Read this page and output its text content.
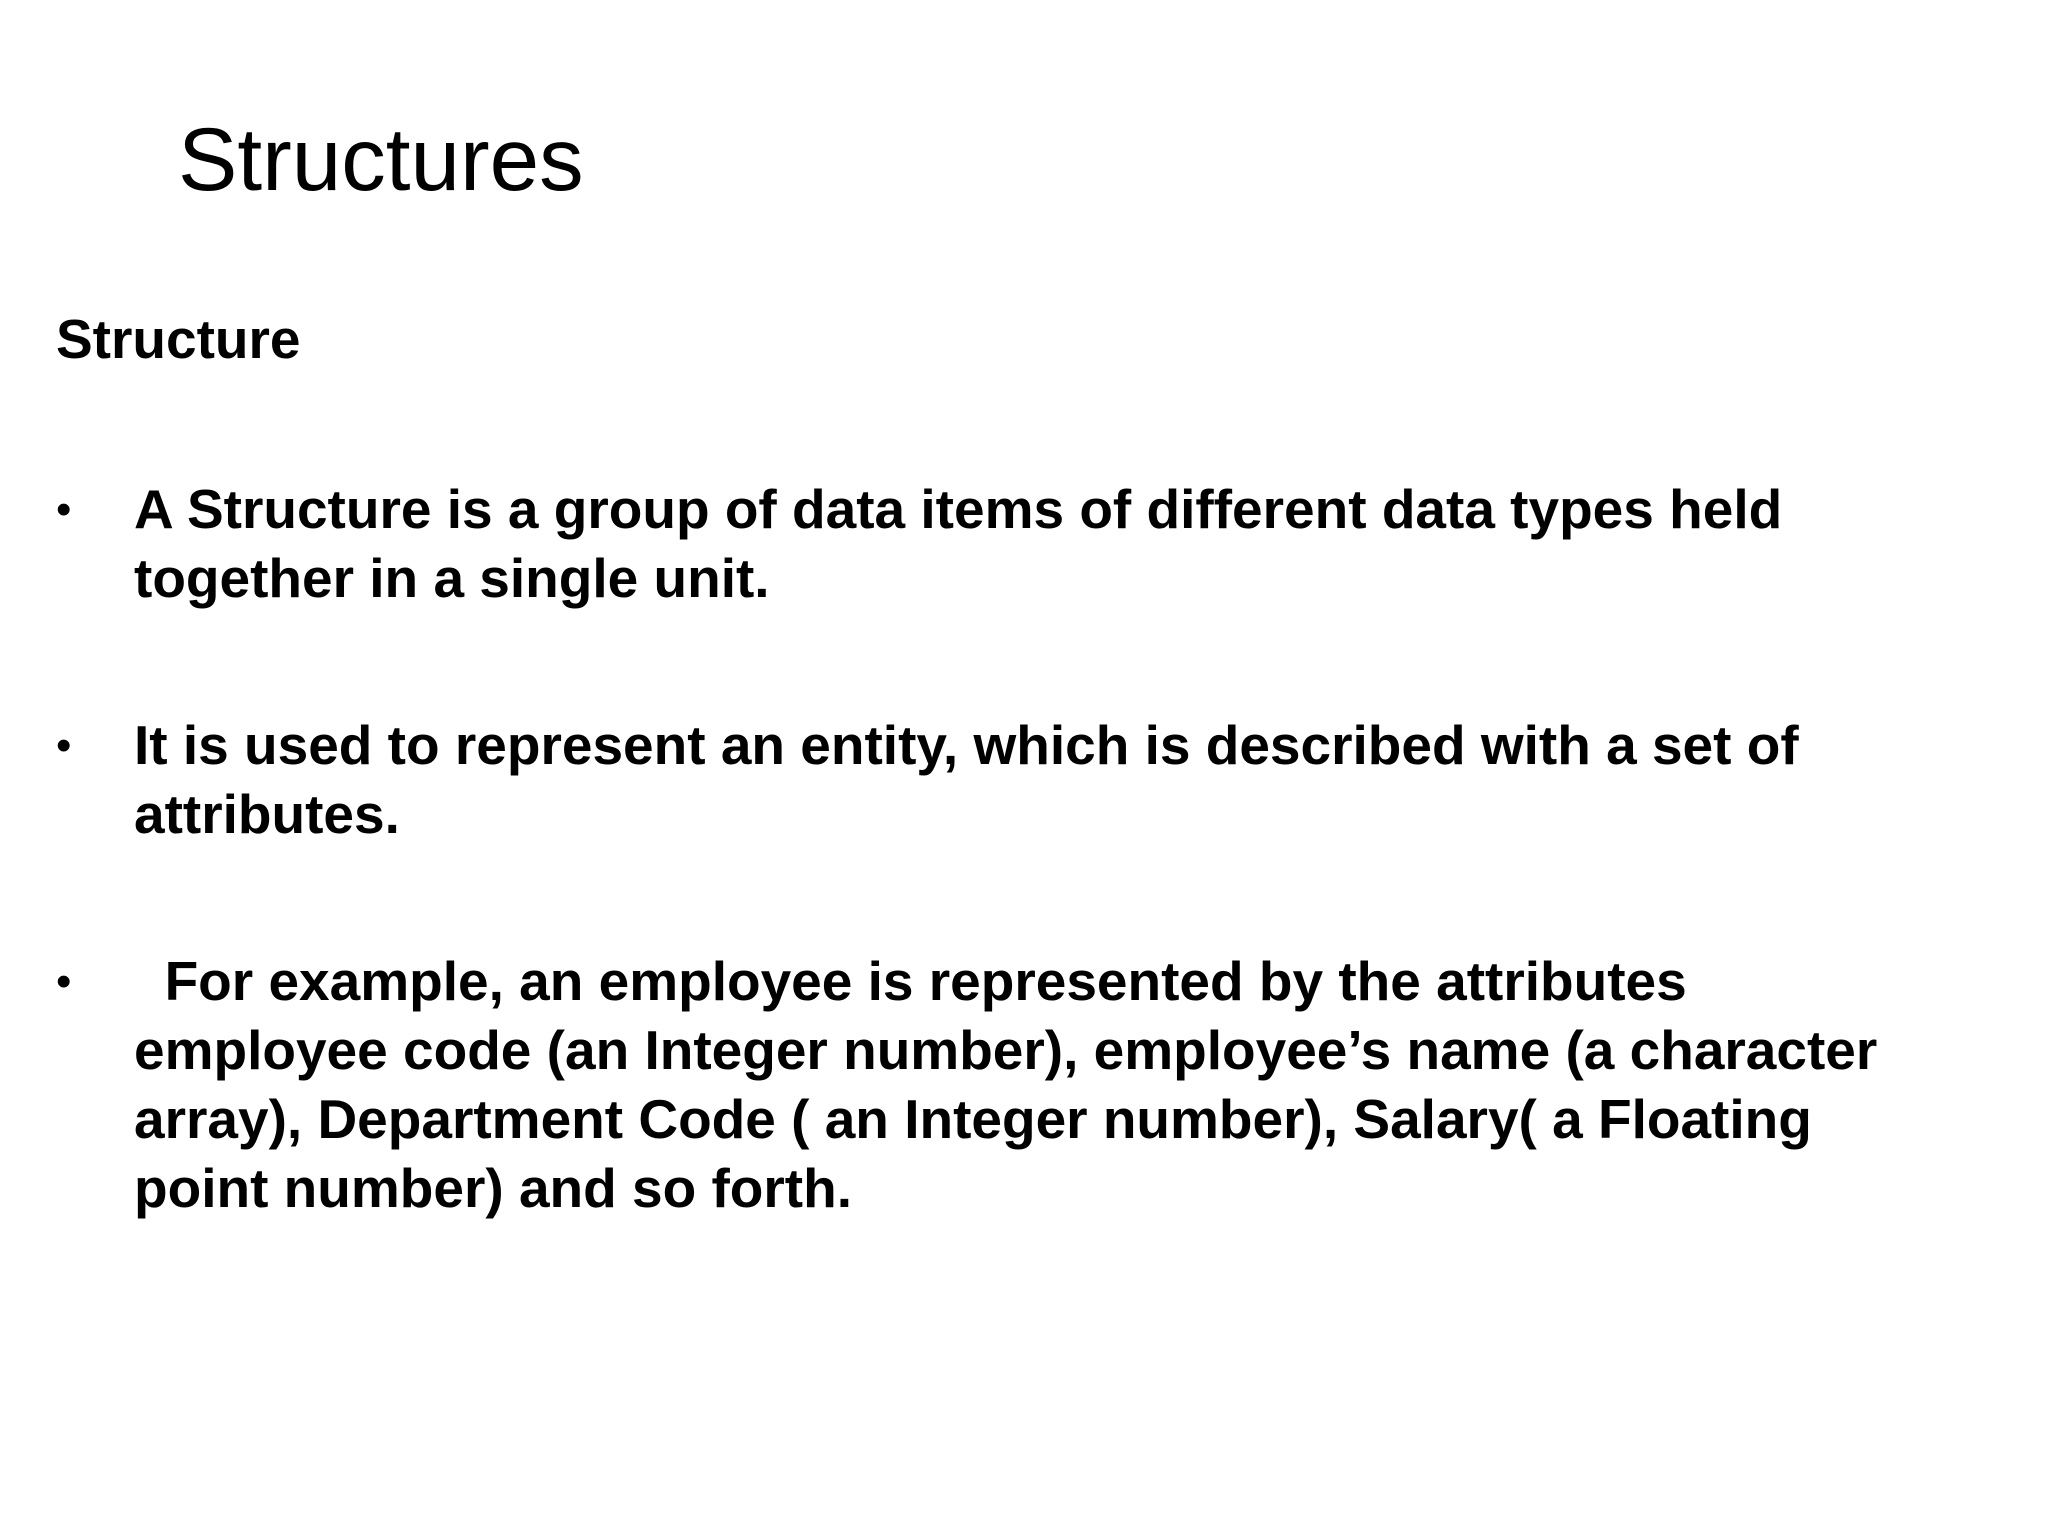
Structures
Structure
• A Structure is a group of data items of different data types held
together in a single unit.
• It is used to represent an entity, which is described with a set of
attributes.
•	For example, an employee is represented by the attributes
employee code (an Integer number), employee’s name (a character
array), Department Code ( an Integer number), Salary( a Floating
point number) and so forth.
